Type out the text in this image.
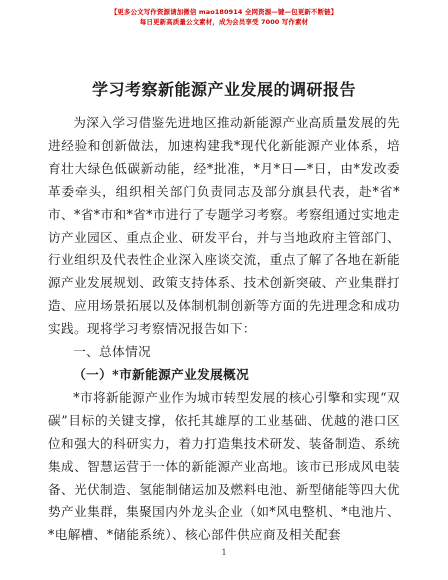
【更多公文写作资源请加微信 mao180914 全网资源—键—包更新不断链】
每日更新高质量公文素材，成为会员享受 7000 写作素材
学习考察新能源产业发展的调研报告

为深入学习借鉴先进地区推动新能源产业高质量发展的先进经验和创新做法，加速构建我*现代化新能源产业体系，培育壮大绿色低碳新动能，经*批准，*月*日—*日，由*发改委革委牵头，组织相关部门负责同志及部分旗县代表，赴*省*市、*省*市和*省*市进行了专题学习考察。考察组通过实地走访产业园区、重点企业、研发平台，并与当地政府主管部门、行业组织及代表性企业深入座谈交流，重点了解了各地在新能源产业发展规划、政策支持体系、技术创新突破、产业集群打造、应用场景拓展以及体制机制创新等方面的先进理念和成功实践。现将学习考察情况报告如下：

一、总体情况

（一）*市新能源产业发展概况

*市将新能源产业作为城市转型发展的核心引擎和实现“双碳”目标的关键支撑，依托其雄厚的工业基础、优越的港口区位和强大的科研实力，着力打造集技术研发、装备制造、系统集成、智慧运营于一体的新能源产业高地。该市已形成风电装备、光伏制造、氢能制储运加及燃料电池、新型储能等四大优势产业集群，集聚国内外龙头企业（如*风电整机、*电池片、*电解槽、*储能系统）、核心部件供应商及相关配套

1
